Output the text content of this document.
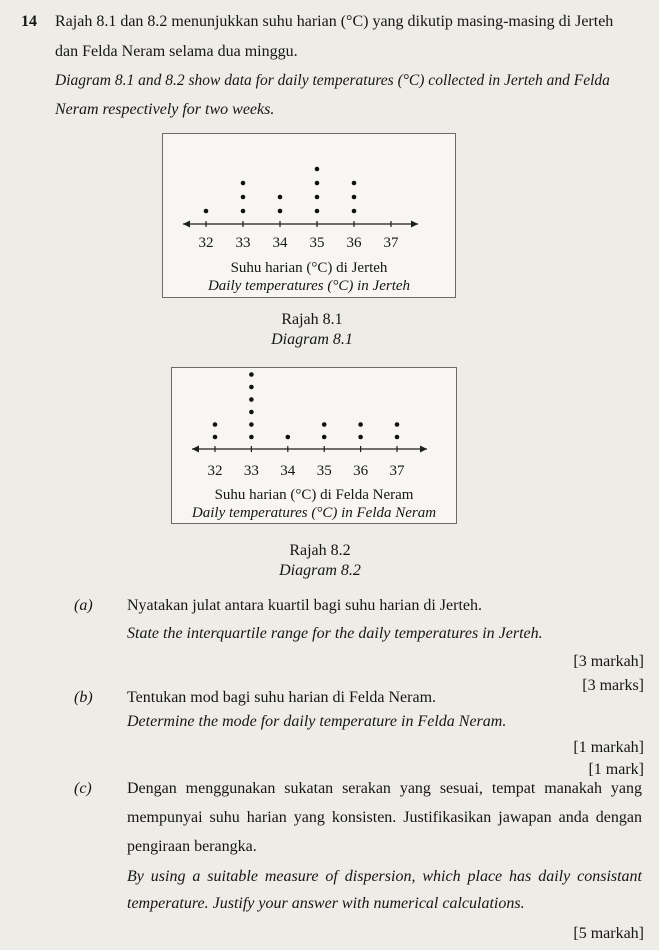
14 Rajah 8.1 dan 8.2 menunjukkan suhu harian (°C) yang dikutip masing-masing di Jerteh
dan Felda Neram selama dua minggu.
Diagram 8.1 and 8.2 show data for daily temperatures (°C) collected in Jerteh and Felda
Neram respectively for two weeks.
32 33 34 35 36 37
Suhu harian (°C) di Jerteh
Daily temperatures (°C) in Jerteh
Rajah 8.1
Diagram 8.1
32 33 34 35 36 37
Suhu harian (°C) di Felda Neram
Daily temperatures (°C) in Felda Neram
Rajah 8.2
Diagram 8.2
(a) Nyatakan julat antara kuartil bagi suhu harian di Jerteh.
State the interquartile range for the daily temperatures in Jerteh.
[3 markah]
[3 marks]
(b) Tentukan mod bagi suhu harian di Felda Neram.
Determine the mode for daily temperature in Felda Neram.
[1 markah]
[1 mark]
(c) Dengan menggunakan sukatan serakan yang sesuai, tempat manakah yang
mempunyai suhu harian yang konsisten. Justifikasikan jawapan anda dengan
pengiraan berangka.
By using a suitable measure of dispersion, which place has daily consistant
temperature. Justify your answer with numerical calculations.
[5 markah]
